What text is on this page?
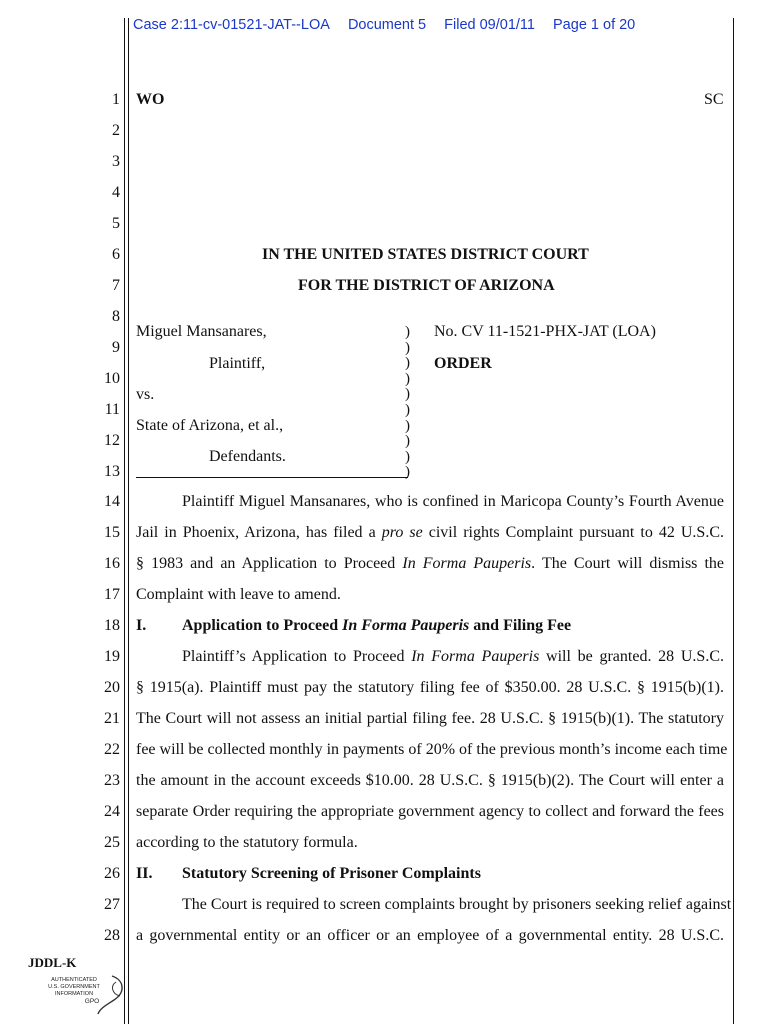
Case 2:11-cv-01521-JAT--LOA Document 5 Filed 09/01/11 Page 1 of 20
1
2
3
4
5
6
7
8
9
10
11
12
13
14
15
16
17
18
19
20
21
22
23
24
25
26
27
28
WO	SC
IN THE UNITED STATES DISTRICT COURT
FOR THE DISTRICT OF ARIZONA
Miguel Mansanares,
Plaintiff,
vs.
State of Arizona, et al.,
Defendants.
)
)
)
)
)
)
)
)
)
)
No. CV 11-1521-PHX-JAT (LOA)
ORDER
Plaintiff Miguel Mansanares, who is confined in Maricopa County’s Fourth Avenue
Jail in Phoenix, Arizona, has filed a pro se civil rights Complaint pursuant to 42 U.S.C.
§ 1983 and an Application to Proceed In Forma Pauperis. The Court will dismiss the
Complaint with leave to amend.
I. Application to Proceed In Forma Pauperis and Filing Fee
Plaintiff’s Application to Proceed In Forma Pauperis will be granted. 28 U.S.C.
§ 1915(a). Plaintiff must pay the statutory filing fee of $350.00. 28 U.S.C. § 1915(b)(1).
The Court will not assess an initial partial filing fee. 28 U.S.C. § 1915(b)(1). The statutory
fee will be collected monthly in payments of 20% of the previous month’s income each time
the amount in the account exceeds $10.00. 28 U.S.C. § 1915(b)(2). The Court will enter a
separate Order requiring the appropriate government agency to collect and forward the fees
according to the statutory formula.
II. Statutory Screening of Prisoner Complaints
The Court is required to screen complaints brought by prisoners seeking relief against
a governmental entity or an officer or an employee of a governmental entity. 28 U.S.C.
JDDL-K
AUTHENTICATED
U.S. GOVERNMENT
INFORMATION
GPO
